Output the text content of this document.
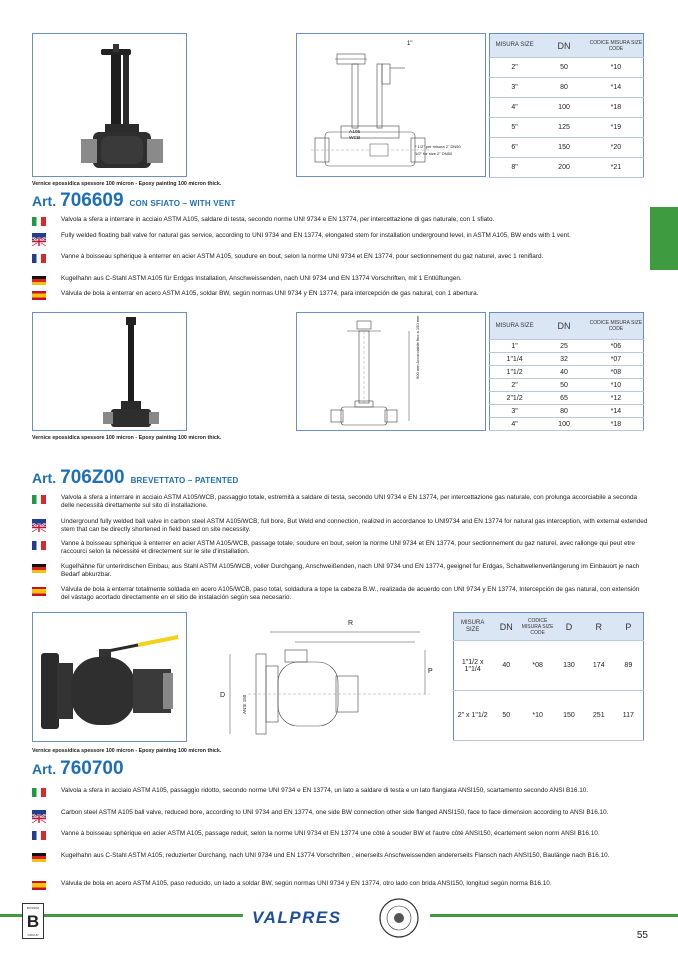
1"
A105 WCB
* 1/2" per misura 2" DN50
1/2" for size 2" DN50
MISURA SIZE	DN	CODICE MISURA SIZE CODE
2"	50	*10
3"	80	*14
4"	100	*18
5"	125	*19
6"	150	*20
8"	200	*21
Vernice epossidica spessore 100 micron - Epoxy painting 100 micron thick.
Art. 706609 CON SFIATO – WITH VENT
Valvola a sfera a interrare in acciaio ASTM A105, saldare di testa, secondo norme UNI 9734 e EN 13774, per intercettazione di gas naturale, con 1 sfiato.
Fully welded floating ball valve for natural gas service, according to UNI 9734 and EN 13774, elongated stem for installation underground level, in ASTM A105, BW ends with 1 vent.
Vanne à boisseau sphérique à enterrer en acier ASTM A105, soudure en bout, selon la norme UNI 9734 et EN 13774, pour sectionnement du gaz naturel, avec 1 reniflard.
Kugelhahn aus C-Stahl ASTM A105 für Erdgas Installation, Anschweissenden, nach UNI 9734 und EN 13774 Vorschriften, mit 1 Entlüftungen.
Válvula de bola a enterrar en acero ASTM A105, soldar BW, según normas UNI 9734 y EN 13774, para intercepción de gas natural, con 1 abertura.
900 mm Accorciabile fino a 150 mm	MISURA SIZE	DN	CODICE MISURA SIZE CODE
1"	25	*06
1"1/4	32	*07
1"1/2	40	*08
2"	50	*10
2"1/2	65	*12
3"	80	*14
4"	100	*18
Vernice epossidica spessore 100 micron - Epoxy painting 100 micron thick.
Art. 706Z00 BREVETTATO – PATENTED
Valvola a sfera a interrare in acciaio ASTM A105/WCB, passaggio totale, estremità a saldare di testa, secondo UNI 9734 e EN 13774, per intercettazione gas naturale, con prolunga accorciabile a seconda delle necessità direttamente sul sito di installazione.
Underground fully welded ball valve in carbon steel ASTM A105/WCB, full bore, But Weld end connection, realized in accordance to UNI9734 and EN 13774 for natural gas interception, with external extended stem that can be directly shortened in field based on site necessity.
Vanne à boisseau sphérique à enterrer en acier ASTM A105/WCB, passage totale, soudure en bout, selon la norme UNI 9734 et EN 13774, pour sectionnement du gaz naturel, avec rallonge qui peut etre raccourci selon la nécessité et directement sur le site d'installation.
Kugelhähne für unterirdischen Einbau, aus Stahl ASTM A105/WCB, voller Durchgang, Anschweißenden, nach UNI 9734 und EN 13774, geeignet fur Erdgas, Schaltwellenverlängerung im Einbauort je nach Bedarf abkurzbar.
Válvula de bola a enterrar totalmente soldada en acero A105/WCB, paso total, soldadura a tope la cabeza B.W., realizada de acuerdo con UNI 9734 y EN 13774, Intercepción de gas natural, con extensión del vástago acortado directamente en el sitio de instalación según sea necesario.
R
D
P
ANSI 150
MISURA SIZE	DN	CODICE MISURA SIZE CODE	D	R	P
1"1/2 x 1"1/4	40	*08	130	174	89
2" x 1"1/2	50	*10	150	251	117
Vernice epossidica spessore 100 micron - Epoxy painting 100 micron thick.
Art. 760700
Valvola a sfera in acciaio ASTM A105, passaggio ridotto, secondo norme UNI 9734 e EN 13774, un lato a saldare di testa e un lato flangiata ANSI150, scartamento secondo ANSI B16.10.
Carbon steel ASTM A105 ball valve, reduced bore, according to UNI 9734 and EN 13774, one side BW connection other side flanged ANSI150, face to face dimension according to ANSI B16.10.
Vanne à boisseau sphérique en acier ASTM A105, passage reduit, selon la norme UNI 9734 et EN 13774 une côté à souder BW et l'autre côté ANSI150, écartement selon norm ANSI B16.10.
Kugelhahn aus C-Stahl ASTM A105, reduzierter Durchang, nach UNI 9734 und EN 13774 Vorschriften , einerseits Anschweissenden andererseits Flansch nach ANSI150, Baulänge nach B16.10.
Válvula de bola en acero ASTM A105, paso reducido, un lado a soldar BW, según normas UNI 9734 y EN 13774, otro lado con brida ANSI150, longitud según norma B16.10.
BOSSINI
B
GROUP
VALPRES
55
